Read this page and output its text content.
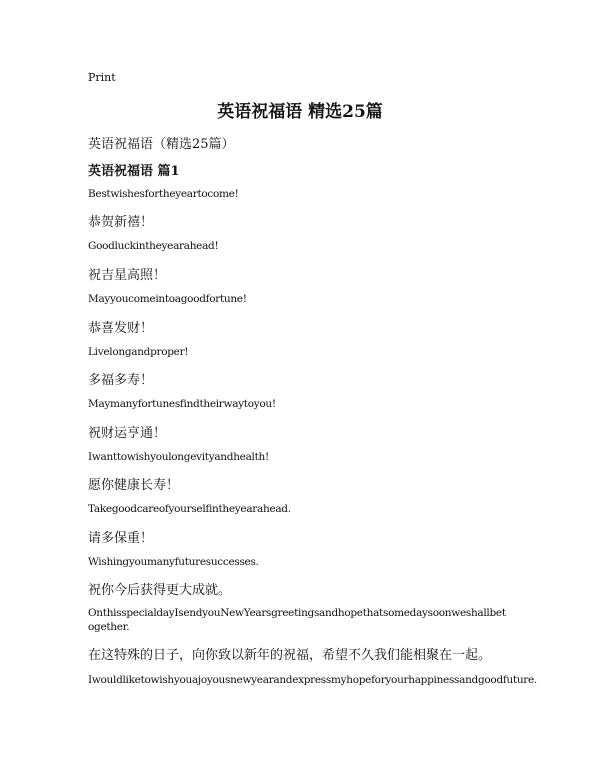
Print
英语祝福语 精选25篇
英语祝福语（精选25篇）
英语祝福语 篇1
Bestwishesfortheyeartocome!
恭贺新禧！
Goodluckintheyearahead!
祝吉星高照！
Mayyoucomeintoagoodfortune!
恭喜发财！
Livelongandproper!
多福多寿！
Maymanyfortunesfindtheirwaytoyou!
祝财运亨通！
Iwanttowishyoulongevityandhealth!
愿你健康长寿！
Takegoodcareofyourselfintheyearahead.
请多保重！
Wishingyoumanyfuturesuccesses.
祝你今后获得更大成就。
OnthisspecialdayIsendyouNewYearsgreetingsandhopethatsomedaysoonweshallbetogether.
在这特殊的日子，向你致以新年的祝福，希望不久我们能相聚在一起。
Iwouldliketowishyouajoyousnewyearandexpressmyhopeforyourhappinessandgoodfuture.
